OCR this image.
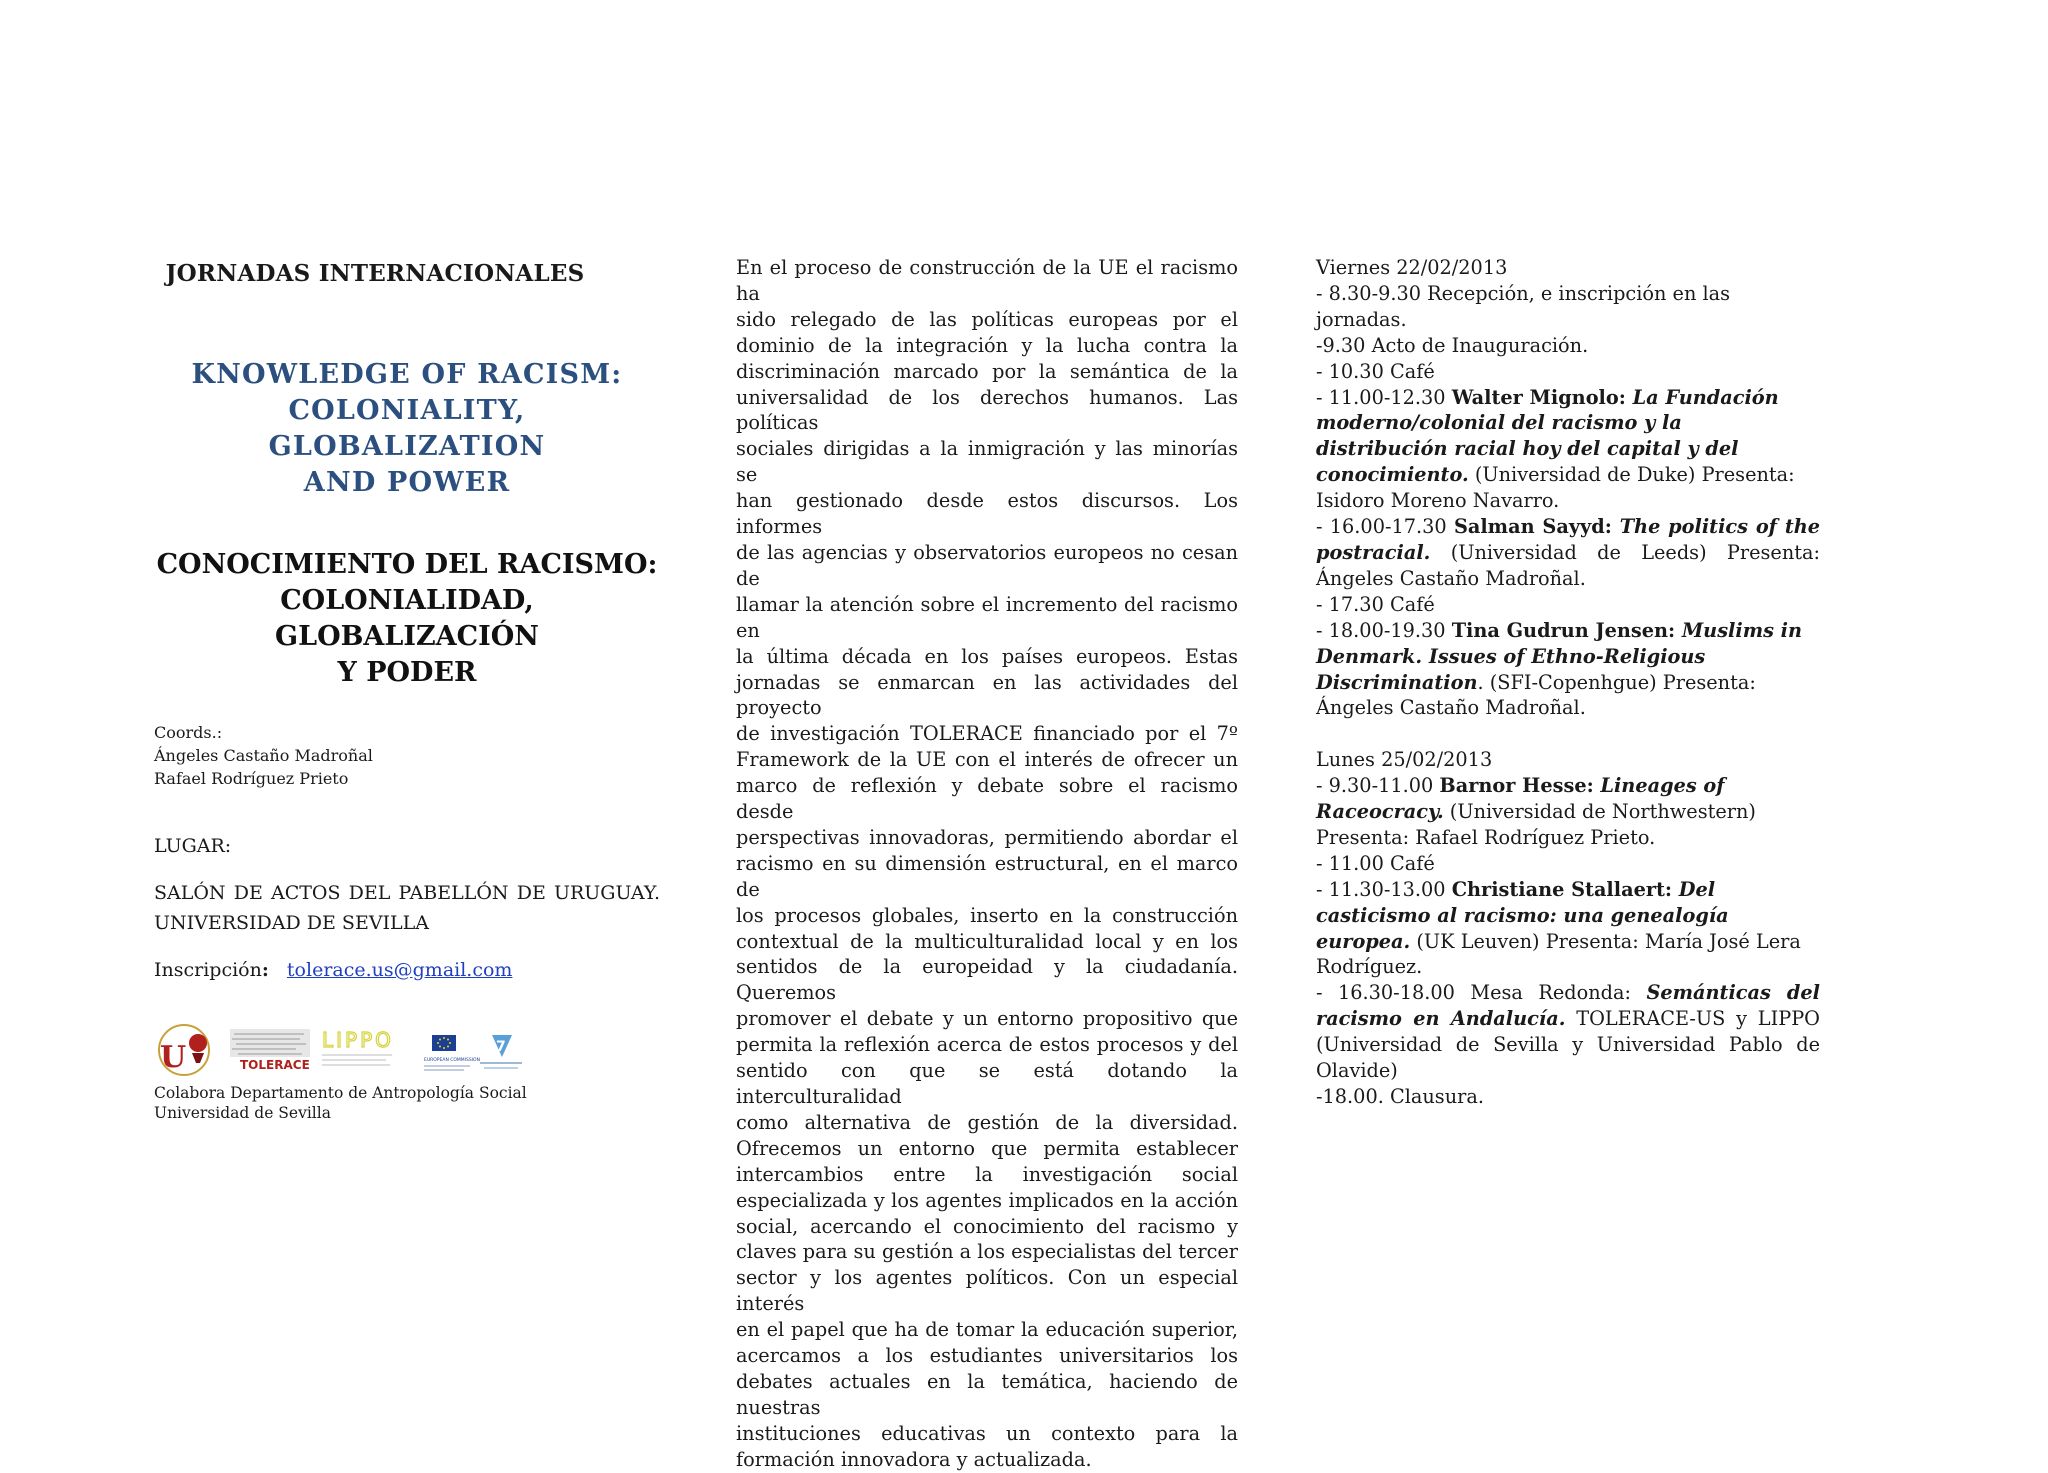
JORNADAS INTERNACIONALES
KNOWLEDGE OF RACISM:
COLONIALITY,
GLOBALIZATION
AND POWER
CONOCIMIENTO DEL RACISMO:
COLONIALIDAD,
GLOBALIZACIÓN
Y PODER
Coords.:
Ángeles Castaño Madroñal
Rafael Rodríguez Prieto
LUGAR:
SALÓN DE ACTOS DEL PABELLÓN DE URUGUAY. UNIVERSIDAD DE SEVILLA
Inscripción: tolerace.us@gmail.com
U	TOLERACE
LIPPO
EUROPEAN COMMISSION
7
Colabora Departamento de Antropología Social
Universidad de Sevilla

En el proceso de construcción de la UE el racismo ha

sido relegado de las políticas europeas por el

dominio de la integración y la lucha contra la

discriminación marcado por la semántica de la

universalidad de los derechos humanos. Las políticas

sociales dirigidas a la inmigración y las minorías se

han gestionado desde estos discursos. Los informes

de las agencias y observatorios europeos no cesan de

llamar la atención sobre el incremento del racismo en

la última década en los países europeos. Estas

jornadas se enmarcan en las actividades del proyecto

de investigación TOLERACE financiado por el 7º

Framework de la UE con el interés de ofrecer un

marco de reflexión y debate sobre el racismo desde

perspectivas innovadoras, permitiendo abordar el

racismo en su dimensión estructural, en el marco de

los procesos globales, inserto en la construcción

contextual de la multiculturalidad local y en los

sentidos de la europeidad y la ciudadanía. Queremos

promover el debate y un entorno propositivo que

permita la reflexión acerca de estos procesos y del

sentido con que se está dotando la interculturalidad

como alternativa de gestión de la diversidad.

Ofrecemos un entorno que permita establecer

intercambios entre la investigación social

especializada y los agentes implicados en la acción

social, acercando el conocimiento del racismo y

claves para su gestión a los especialistas del tercer

sector y los agentes políticos. Con un especial interés

en el papel que ha de tomar la educación superior,

acercamos a los estudiantes universitarios los

debates actuales en la temática, haciendo de nuestras

instituciones educativas un contexto para la

formación innovadora y actualizada.

Viernes 22/02/2013

- 8.30-9.30 Recepción, e inscripción en las jornadas.

-9.30 Acto de Inauguración.

- 10.30 Café

- 11.00-12.30 Walter Mignolo: La Fundación moderno/colonial del racismo y la distribución racial hoy del capital y del conocimiento. (Universidad de Duke) Presenta: Isidoro Moreno Navarro.

- 16.00-17.30 Salman Sayyd: The politics of the postracial. (Universidad de Leeds) Presenta: Ángeles Castaño Madroñal.

- 17.30 Café

- 18.00-19.30 Tina Gudrun Jensen: Muslims in Denmark. Issues of Ethno-Religious Discrimination. (SFI-Copenhgue) Presenta: Ángeles Castaño Madroñal.

Lunes 25/02/2013

- 9.30-11.00 Barnor Hesse: Lineages of Raceocracy. (Universidad de Northwestern) Presenta: Rafael Rodríguez Prieto.

- 11.00 Café

- 11.30-13.00 Christiane Stallaert: Del casticismo al racismo: una genealogía europea. (UK Leuven) Presenta: María José Lera Rodríguez.

- 16.30-18.00 Mesa Redonda: Semánticas del racismo en Andalucía. TOLERACE-US y LIPPO (Universidad de Sevilla y Universidad Pablo de Olavide)

-18.00. Clausura.
